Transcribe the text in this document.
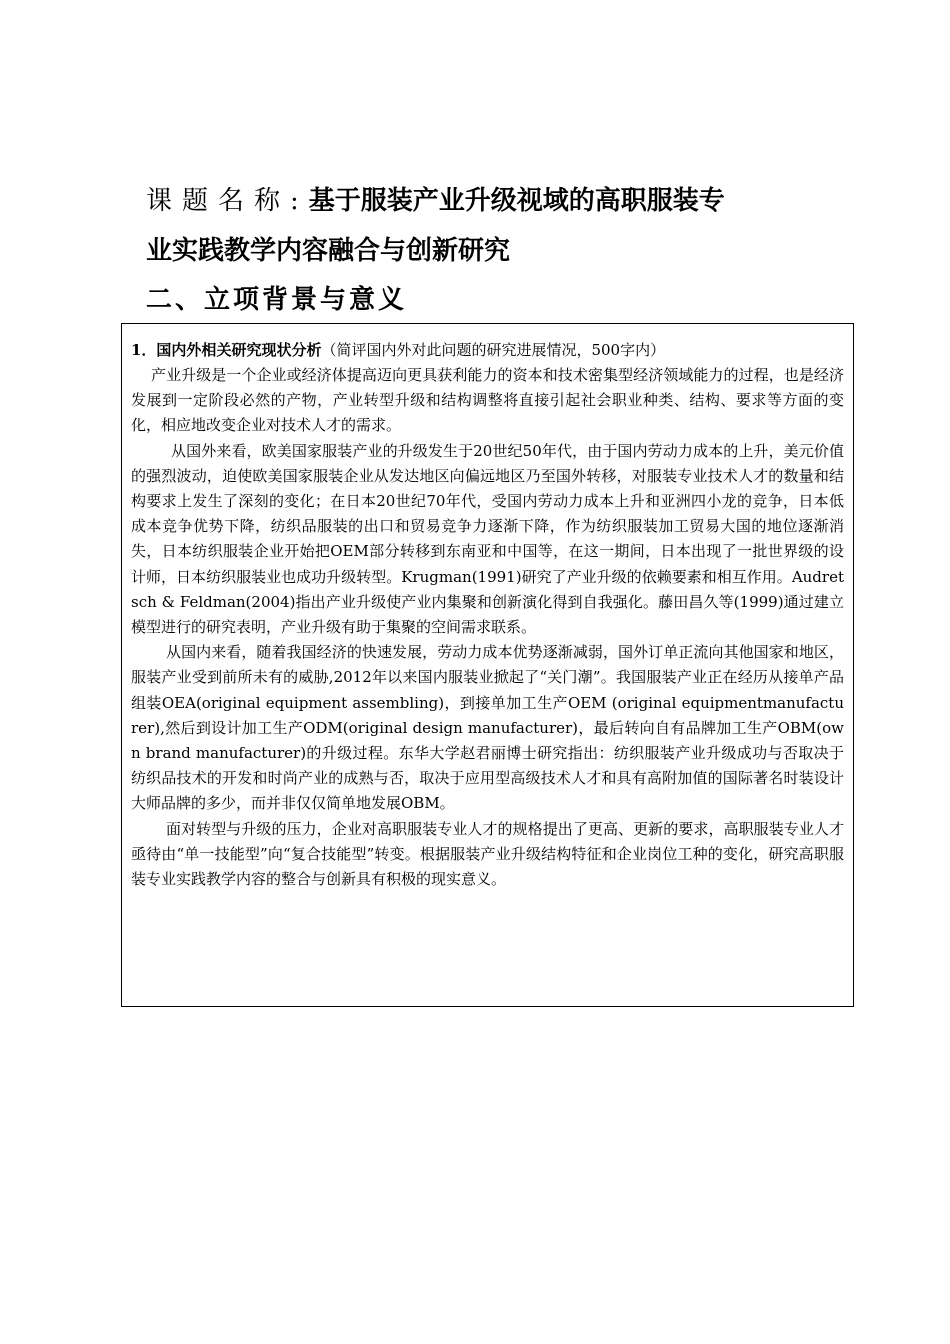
课题名称:基于服装产业升级视域的高职服装专
业实践教学内容融合与创新研究
二、立项背景与意义

1．国内外相关研究现状分析（简评国内外对此问题的研究进展情况，500字内）

产业升级是一个企业或经济体提高迈向更具获利能力的资本和技术密集型经济领域能力的过程，也是经济发展到一定阶段必然的产物，产业转型升级和结构调整将直接引起社会职业种类、结构、要求等方面的变化，相应地改变企业对技术人才的需求。

从国外来看，欧美国家服装产业的升级发生于20世纪50年代，由于国内劳动力成本的上升，美元价值的强烈波动，迫使欧美国家服装企业从发达地区向偏远地区乃至国外转移，对服装专业技术人才的数量和结构要求上发生了深刻的变化；在日本20世纪70年代，受国内劳动力成本上升和亚洲四小龙的竞争，日本低成本竞争优势下降，纺织品服装的出口和贸易竞争力逐渐下降，作为纺织服装加工贸易大国的地位逐渐消失，日本纺织服装企业开始把OEM部分转移到东南亚和中国等，在这一期间，日本出现了一批世界级的设计师，日本纺织服装业也成功升级转型。Krugman(1991)研究了产业升级的依赖要素和相互作用。Audretsch & Feldman(2004)指出产业升级使产业内集聚和创新演化得到自我强化。藤田昌久等(1999)通过建立模型进行的研究表明，产业升级有助于集聚的空间需求联系。

从国内来看，随着我国经济的快速发展，劳动力成本优势逐渐减弱，国外订单正流向其他国家和地区，服装产业受到前所未有的威胁,2012年以来国内服装业掀起了“关门潮”。我国服装产业正在经历从接单产品组装OEA(original equipment assembling)，到接单加工生产OEM (original equipmentmanufacturer),然后到设计加工生产ODM(original design manufacturer)，最后转向自有品牌加工生产OBM(own brand manufacturer)的升级过程。东华大学赵君丽博士研究指出：纺织服装产业升级成功与否取决于纺织品技术的开发和时尚产业的成熟与否，取决于应用型高级技术人才和具有高附加值的国际著名时装设计大师品牌的多少，而并非仅仅简单地发展OBM。

面对转型与升级的压力，企业对高职服装专业人才的规格提出了更高、更新的要求，高职服装专业人才亟待由“单一技能型”向“复合技能型”转变。根据服装产业升级结构特征和企业岗位工种的变化，研究高职服装专业实践教学内容的整合与创新具有积极的现实意义。
